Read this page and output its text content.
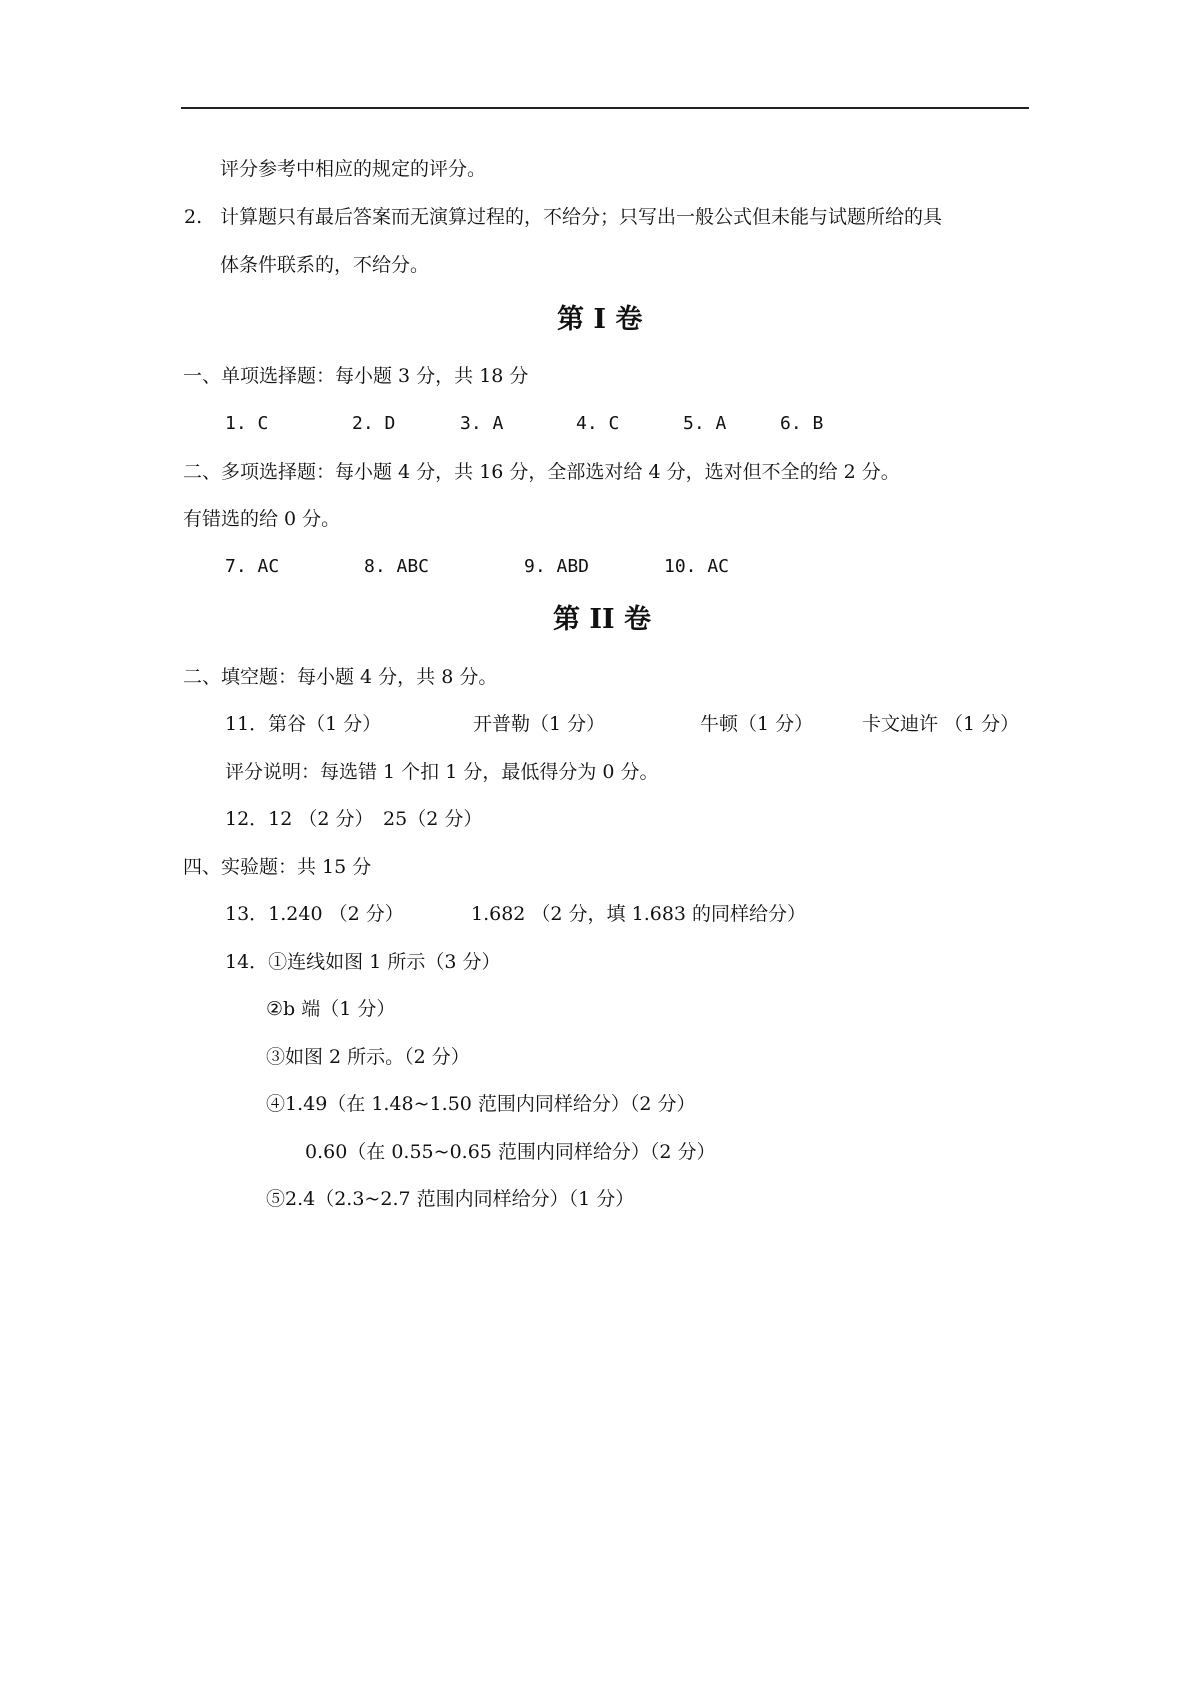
评分参考中相应的规定的评分。
2. 计算题只有最后答案而无演算过程的，不给分；只写出一般公式但未能与试题所给的具
体条件联系的，不给分。
第 I 卷
一、单项选择题：每小题 3 分，共 18 分
1. C	2. D	3. A	4. C	5. A	6. B
二、多项选择题：每小题 4 分，共 16 分，全部选对给 4 分，选对但不全的给 2 分。
有错选的给 0 分。
7. AC	8. ABC	9. ABD	10. AC
第 II 卷
二、填空题：每小题 4 分，共 8 分。
11．第谷（1 分）	开普勒（1 分）	牛顿（1 分）	卡文迪许 （1 分）
评分说明：每选错 1 个扣 1 分，最低得分为 0 分。
12．12 （2 分）　25（2 分）
四、实验题：共 15 分
13．1.240 （2 分）	1.682 （2 分，填 1.683 的同样给分）
14．①连线如图 1 所示（3 分）
②b 端（1 分）
③如图 2 所示。（2 分）
④1.49（在 1.48~1.50 范围内同样给分）（2 分）
0.60（在 0.55~0.65 范围内同样给分）（2 分）
⑤2.4（2.3~2.7 范围内同样给分）（1 分）
